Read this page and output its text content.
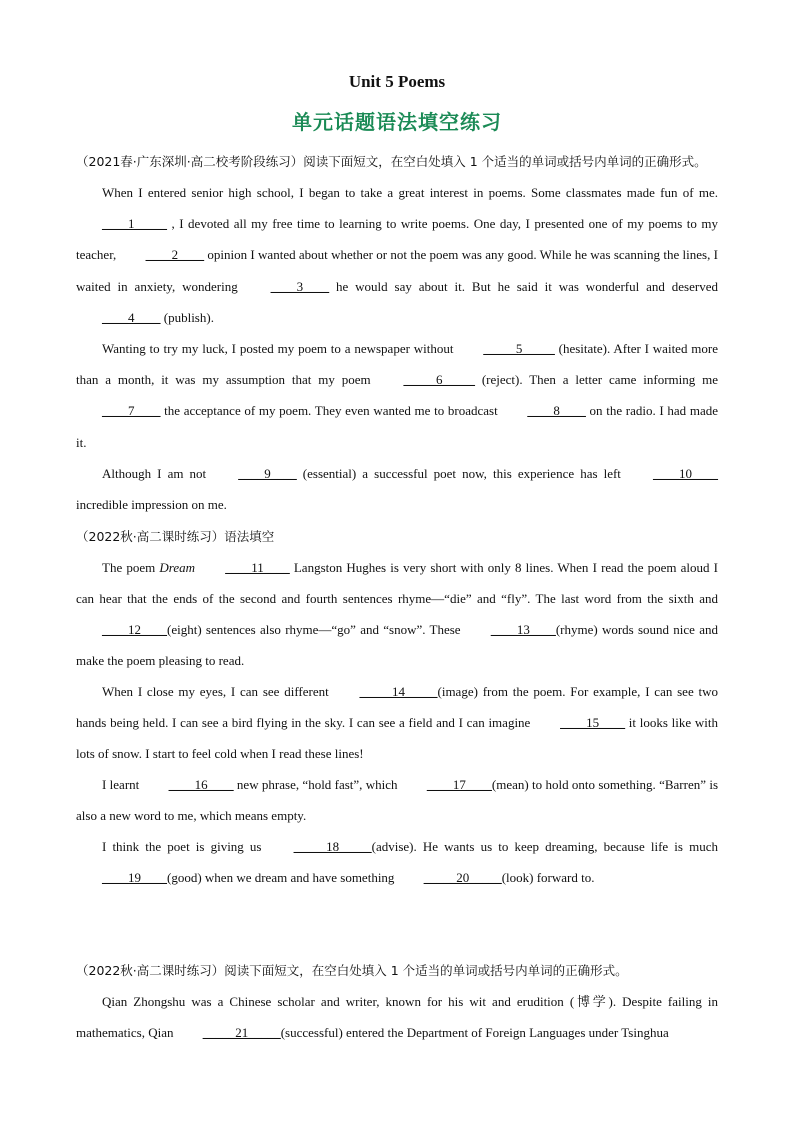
Unit 5 Poems
单元话题语法填空练习
（2021春·广东深圳·高二校考阶段练习）阅读下面短文，在空白处填入 1 个适当的单词或括号内单词的正确形式。

When I entered senior high school, I began to take a great interest in poems. Some classmates made fun of me. ____1_____ , I devoted all my free time to learning to write poems. One day, I presented one of my poems to my teacher, ____2____ opinion I wanted about whether or not the poem was any good. While he was scanning the lines, I waited in anxiety, wondering ____3____ he would say about it. But he said it was wonderful and deserved ____4____ (publish).

Wanting to try my luck, I posted my poem to a newspaper without _____5_____ (hesitate). After I waited more than a month, it was my assumption that my poem _____6_____ (reject). Then a letter came informing me ____7____ the acceptance of my poem. They even wanted me to broadcast ____8____ on the radio. I had made it.

Although I am not ____9____ (essential) a successful poet now, this experience has left ____10____ incredible impression on me.

（2022秋·高二课时练习）语法填空

The poem Dream ____11____ Langston Hughes is very short with only 8 lines. When I read the poem aloud I can hear that the ends of the second and fourth sentences rhyme—“die” and “fly”. The last word from the sixth and ____12____(eight) sentences also rhyme—“go” and “snow”. These ____13____(rhyme) words sound nice and make the poem pleasing to read.

When I close my eyes, I can see different _____14_____(image) from the poem. For example, I can see two hands being held. I can see a bird flying in the sky. I can see a field and I can imagine ____15____ it looks like with lots of snow. I start to feel cold when I read these lines!

I learnt ____16____ new phrase, “hold fast”, which ____17____(mean) to hold onto something. “Barren” is also a new word to me, which means empty.

I think the poet is giving us _____18_____(advise). He wants us to keep dreaming, because life is much ____19____(good) when we dream and have something _____20_____(look) forward to.

（2022秋·高二课时练习）阅读下面短文，在空白处填入 1 个适当的单词或括号内单词的正确形式。

Qian Zhongshu was a Chinese scholar and writer, known for his wit and erudition (博学). Despite failing in mathematics, Qian _____21_____(successful) entered the Department of Foreign Languages under Tsinghua
